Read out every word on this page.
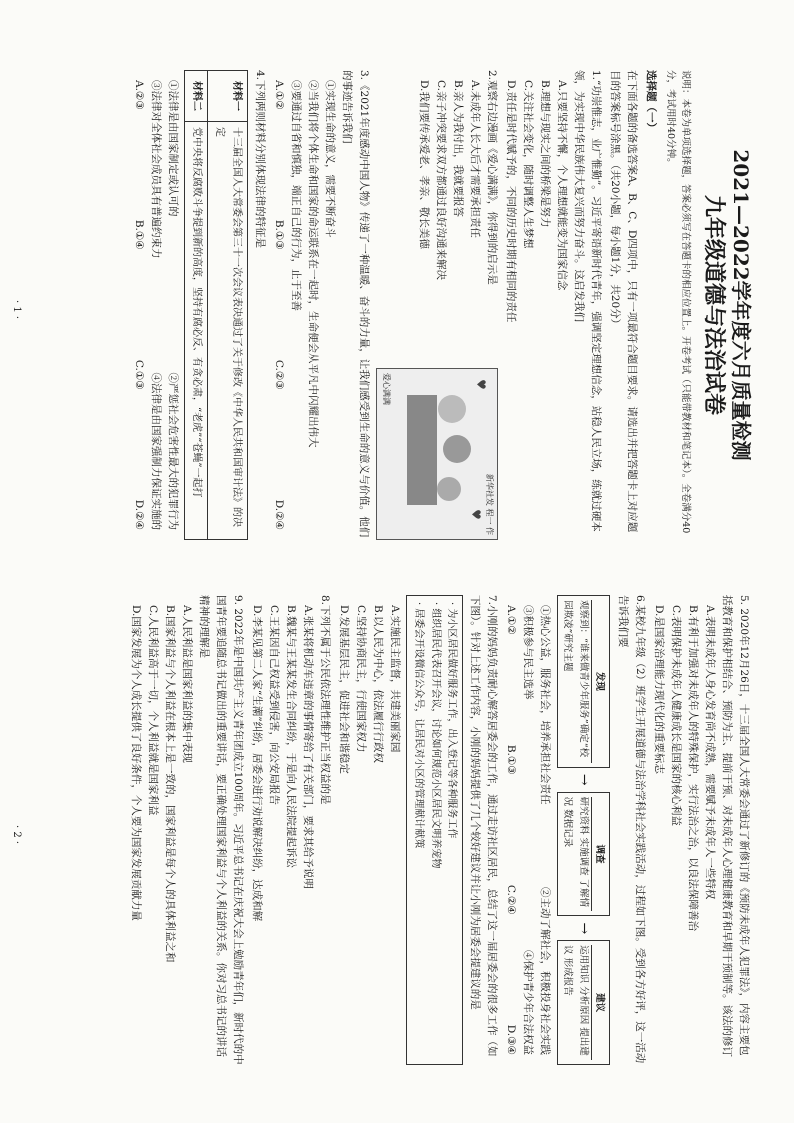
2021—2022学年度六月质量检测
九年级道德与法治试卷
说明：本卷为单项选择题，答案必须写在答题卡的相应位置上。开卷考试（只能带教材和笔记本）。全卷满分40分，考试用时40分钟。
选择题（一）
在下面各题的备选答案A、B、C、D四项中，只有一项最符合题目要求。请选出并把答题卡上对应题目的答案标号涂黑。（共20小题，每小题1分，共20分）
1.“功崇惟志，业广惟勤”。习近平寄语新时代青年，强调坚定理想信念，站稳人民立场，练就过硬本领，为实现中华民族伟大复兴而努力奋斗。这启发我们
A.只要坚持不懈，个人理想就能变为国家信念
B.理想与现实之间的桥梁是努力
C.关注社会变化，随时调整人生梦想
D.责任是时代赋予的，不同的历史时期有相同的责任
♥
♥
爱心满满
新华社发 程一 作
2.观察右边漫画《爱心满满》，你得到的启示是
A.未成年人长大后才需要承担责任
B.亲人为我付出，我就要报答
C.亲子冲突要求双方都通过良好沟通来解决
D.我们要传承爱老、孝亲、敬长美德
3.《2021年度感动中国人物》传递了一种温暖、奋斗的力量，让我们感受到生命的意义与价值。他们的事迹告诉我们
①实现生命的意义，需要不断奋斗
②当我们将个体生命和国家的命运联系在一起时，生命便会从平凡中闪耀出伟大
③要通过自省和慎独，端正自己的行为，止于至善
A.①②
B.①③
C.②③
D.②④
4.下列两则材料分别体现法律的特征是
材料一	十三届全国人大常委会第三十一次会议表决通过了关于修改《中华人民共和国审计法》的决定
材料二	党中央将反腐败斗争提到新的高度，坚持有腐必反、有贪必肃，“老虎”“苍蝇”一起打
①法律是由国家制定或认可的
②严惩社会危害性最大的犯罪行为
③法律对全体社会成员具有普遍约束力
④法律是由国家强制力保证实施的
A.②③
B.①④
C.①③
D.②④
· 1 ·
5. 2020年12月26日，十三届全国人大常委会通过了新修订的《预防未成年人犯罪法》，内容主要包括教育和保护相结合、预防为主、提前干预、对未成年人心理健康教育和早期干预制等。该法的修订
A.表明未成年人身心发育尚不成熟，需要赋予未成年人一些特权
B.有利于加强对未成年人的特殊保护，实行法治之治，以良法保障善治
C.表明保护未成年人健康成长是国家的核心利益
D.是国家治理能力现代化的重要标志
6.某校九年级（2）班学生开展道德与法治学科社会实践活动，过程如下图。受到各方好评，这一活动告诉我们要
发现
观察到：“谁来做青少年服务”确定“校园欺凌”研究主题
→
调查
研究资料 实施调查 了解情况 数据记录
→
建议
运用知识 分析原因 提出建议 形成报告
①热心公益，服务社会，培养承担社会责任
②主动了解社会，积极投身社会实践
③积极参与民主选举
④保护青少年合法权益
A.①②
B.①③
C.②④
D.③④
7.小刚的妈妈负责耐心解答居委会的工作，通过走访社区居民，总结了这一届居委会的很多工作（如下图）。针对上述工作内容，小刚的妈妈提供了几个较好建议并让小刚为居委会提建议的是
· 为小区居民做好服务工作，出入登记等各种服务工作
· 组织居民代表召开会议，讨论如何规范小区居民文明养宠物
· 居委会开设微信公众号，让居民对小区的管理献计献策
A.实施民主监督，共建美丽家园
B.以人民为中心，依法履行行政权
C.坚持协商民主，行使国家权力
D.发展基层民主，促进社会和谐稳定
8.下列不属于公民依法理性维护正当权益的是
A.张某将机动车违章的事情寄给了有关部门，要求其给予说明
B.魏某与王某某发生合同纠纷，于是向人民法院提起诉讼
C.王某因自己权益受到侵害，向公安局报告
D.李某见第二人家“生潮”纠纷，居委会进行劝说解决纠纷，达成和解
9. 2022年是中国共产主义青年团成立100周年。习近平总书记在庆祝大会上勉励青年们，新时代的中国青年要追随总书记做出的重要讲话，要正确处理国家利益与个人利益的关系。你对习总书记的讲话精神的理解是
A.人民利益是国家利益的集中表现
B.国家利益与个人利益在根本上是一致的，国家利益是每个人的具体利益之和
C.人民利益高于一切，个人利益就是国家利益
D.国家发展为个人成长提供了良好条件，个人要为国家发展贡献力量
· 2 ·
